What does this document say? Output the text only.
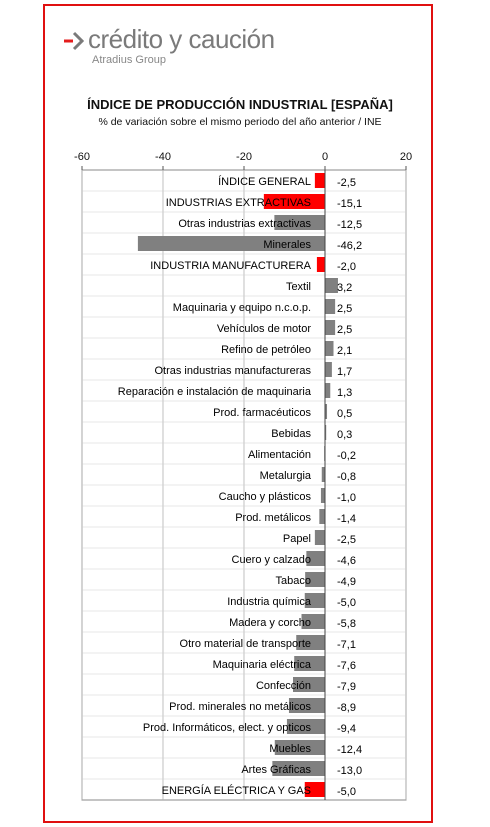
crédito y caución
Atradius Group
ÍNDICE DE PRODUCCIÓN INDUSTRIAL [ESPAÑA]
% de variación sobre el mismo periodo del año anterior / INE
-60	-40	-20	0	20
ÍNDICE GENERAL -2,5
INDUSTRIAS EXTRACTIVAS -15,1
Otras industrias extractivas -12,5
Minerales -46,2
INDUSTRIA MANUFACTURERA -2,0
Textil 3,2
Maquinaria y equipo n.c.o.p. 2,5
Vehículos de motor 2,5
Refino de petróleo 2,1
Otras industrias manufactureras 1,7
Reparación e instalación de maquinaria 1,3
Prod. farmacéuticos 0,5
Bebidas 0,3
Alimentación -0,2
Metalurgia -0,8
Caucho y plásticos -1,0
Prod. metálicos -1,4
Papel -2,5
Cuero y calzado -4,6
Tabaco -4,9
Industria química -5,0
Madera y corcho -5,8
Otro material de transporte -7,1
Maquinaria eléctrica -7,6
Confección -7,9
Prod. minerales no metálicos -8,9
Prod. Informáticos, elect. y opticos -9,4
Muebles -12,4
Artes Gráficas -13,0
ENERGÍA ELÉCTRICA Y GAS -5,0
